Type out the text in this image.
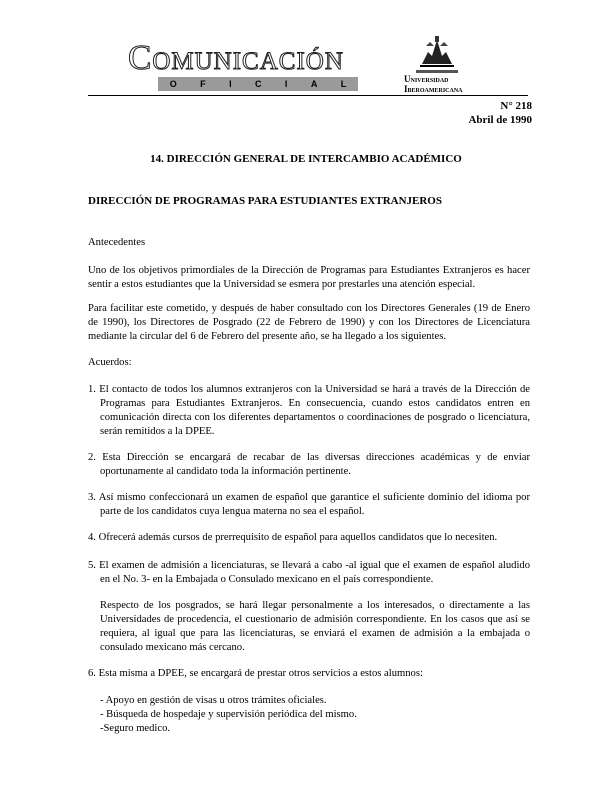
Comunicación
O	F	I	C	I	A	L	Universidad
Iberoamericana
N° 218
Abril de 1990
14. DIRECCIÓN GENERAL DE INTERCAMBIO ACADÉMICO
DIRECCIÓN DE PROGRAMAS PARA ESTUDIANTES EXTRANJEROS
Antecedentes
Uno de los objetivos primordiales de la Dirección de Programas para Estudiantes Extranjeros es hacer sentir a estos estudiantes que la Universidad se esmera por prestarles una atención especial.
Para facilitar este cometido, y después de haber consultado con los Directores Generales (19 de Enero de 1990), los Directores de Posgrado (22 de Febrero de 1990) y con los Directores de Licenciatura mediante la circular del 6 de Febrero del presente año, se ha llegado a los siguientes.
Acuerdos:
1. El contacto de todos los alumnos extranjeros con la Universidad se hará a través de la Dirección de Programas para Estudiantes Extranjeros. En consecuencia, cuando estos candidatos entren en comunicación directa con los diferentes departamentos o coordinaciones de posgrado o licenciatura, serán remitidos a la DPEE.
2. Esta Dirección se encargará de recabar de las diversas direcciones académicas y de enviar oportunamente al candidato toda la información pertinente.
3. Así mismo confeccionará un examen de español que garantice el suficiente dominio del idioma por parte de los candidatos cuya lengua materna no sea el español.
4. Ofrecerá además cursos de prerrequisito de español para aquellos candidatos que lo necesiten.
5. El examen de admisión a licenciaturas, se llevará a cabo -al igual que el examen de español aludido en el No. 3- en la Embajada o Consulado mexicano en el país correspondiente.
Respecto de los posgrados, se hará llegar personalmente a los interesados, o directamente a las Universidades de procedencia, el cuestionario de admisión correspondiente. En los casos que así se requiera, al igual que para las licenciaturas, se enviará el examen de admisión a la embajada o consulado mexicano más cercano.
6. Esta misma a DPEE, se encargará de prestar otros servicios a estos alumnos:
- Apoyo en gestión de visas u otros trámites oficiales.
- Búsqueda de hospedaje y supervisión periódica del mismo.
-Seguro medico.
